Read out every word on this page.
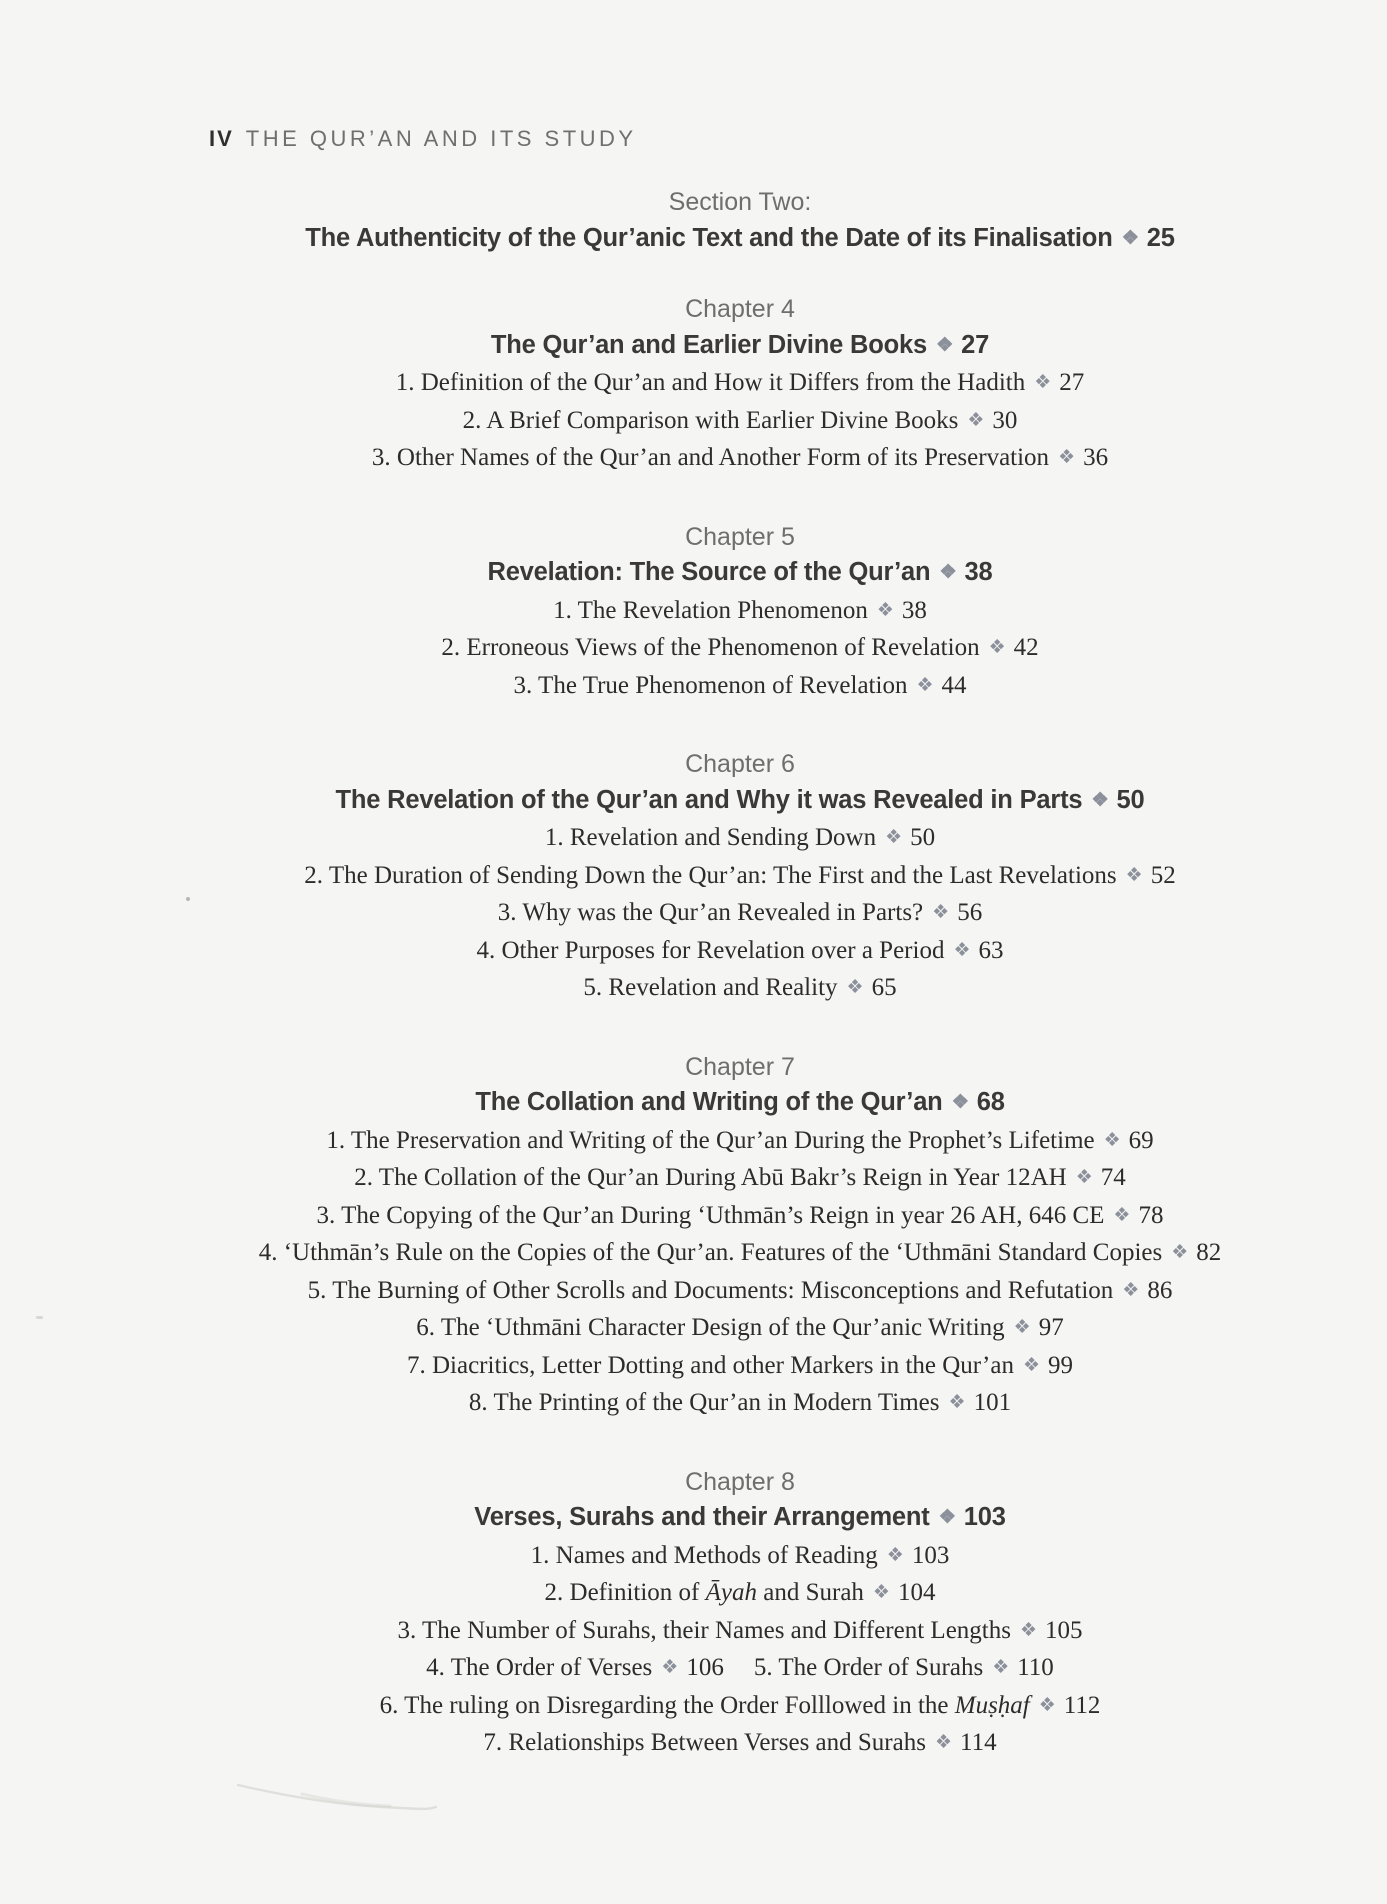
IV THE QUR’AN AND ITS STUDY
Section Two:
The Authenticity of the Qur’anic Text and the Date of its Finalisation ❖ 25
Chapter 4
The Qur’an and Earlier Divine Books ❖ 27
1. Definition of the Qur’an and How it Differs from the Hadith ❖ 27
2. A Brief Comparison with Earlier Divine Books ❖ 30
3. Other Names of the Qur’an and Another Form of its Preservation ❖ 36
Chapter 5
Revelation: The Source of the Qur’an ❖ 38
1. The Revelation Phenomenon ❖ 38
2. Erroneous Views of the Phenomenon of Revelation ❖ 42
3. The True Phenomenon of Revelation ❖ 44
Chapter 6
The Revelation of the Qur’an and Why it was Revealed in Parts ❖ 50
1. Revelation and Sending Down ❖ 50
2. The Duration of Sending Down the Qur’an: The First and the Last Revelations ❖ 52
3. Why was the Qur’an Revealed in Parts? ❖ 56
4. Other Purposes for Revelation over a Period ❖ 63
5. Revelation and Reality ❖ 65
Chapter 7
The Collation and Writing of the Qur’an ❖ 68
1. The Preservation and Writing of the Qur’an During the Prophet’s Lifetime ❖ 69
2. The Collation of the Qur’an During Abū Bakr’s Reign in Year 12AH ❖ 74
3. The Copying of the Qur’an During ‘Uthmān’s Reign in year 26 AH, 646 CE ❖ 78
4. ‘Uthmān’s Rule on the Copies of the Qur’an. Features of the ‘Uthmāni Standard Copies ❖ 82
5. The Burning of Other Scrolls and Documents: Misconceptions and Refutation ❖ 86
6. The ‘Uthmāni Character Design of the Qur’anic Writing ❖ 97
7. Diacritics, Letter Dotting and other Markers in the Qur’an ❖ 99
8. The Printing of the Qur’an in Modern Times ❖ 101
Chapter 8
Verses, Surahs and their Arrangement ❖ 103
1. Names and Methods of Reading ❖ 103
2. Definition of Āyah and Surah ❖ 104
3. The Number of Surahs, their Names and Different Lengths ❖ 105
4. The Order of Verses ❖ 106 5. The Order of Surahs ❖ 110
6. The ruling on Disregarding the Order Folllowed in the Muṣḥaf ❖ 112
7. Relationships Between Verses and Surahs ❖ 114
